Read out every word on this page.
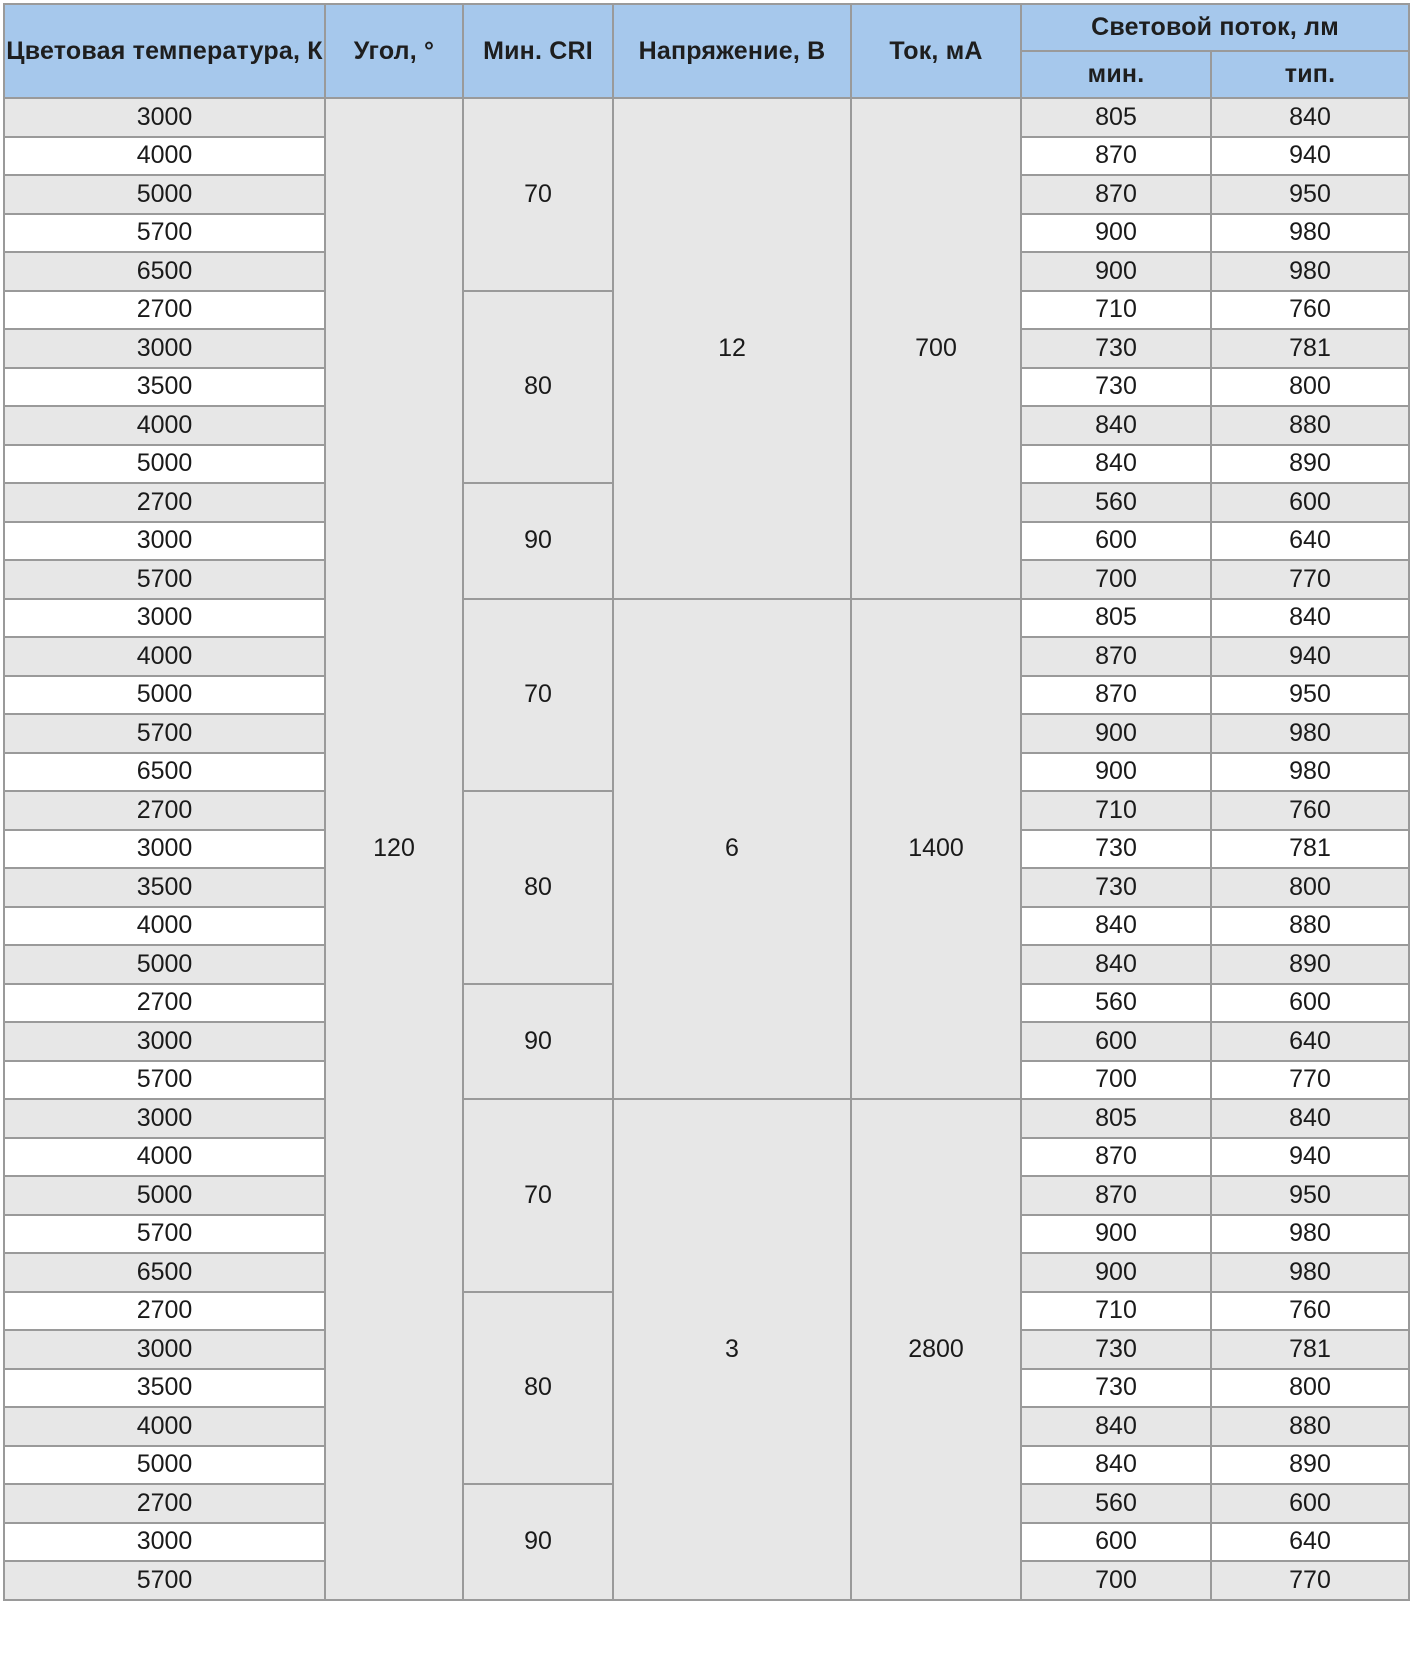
Цветовая температура, К	Угол, °	Мин. CRI	Напряжение, В	Ток, мА	Световой поток, лм	
					мин.	тип.
3000	120	70	12	700	805	840
4000					870	940
5000					870	950
5700					900	980
6500					900	980
2700		80			710	760
3000					730	781
3500					730	800
4000					840	880
5000					840	890
2700		90			560	600
3000					600	640
5700					700	770
3000		70	6	1400	805	840
4000					870	940
5000					870	950
5700					900	980
6500					900	980
2700		80			710	760
3000					730	781
3500					730	800
4000					840	880
5000					840	890
2700		90			560	600
3000					600	640
5700					700	770
3000		70	3	2800	805	840
4000					870	940
5000					870	950
5700					900	980
6500					900	980
2700		80			710	760
3000					730	781
3500					730	800
4000					840	880
5000					840	890
2700		90			560	600
3000					600	640
5700					700	770
